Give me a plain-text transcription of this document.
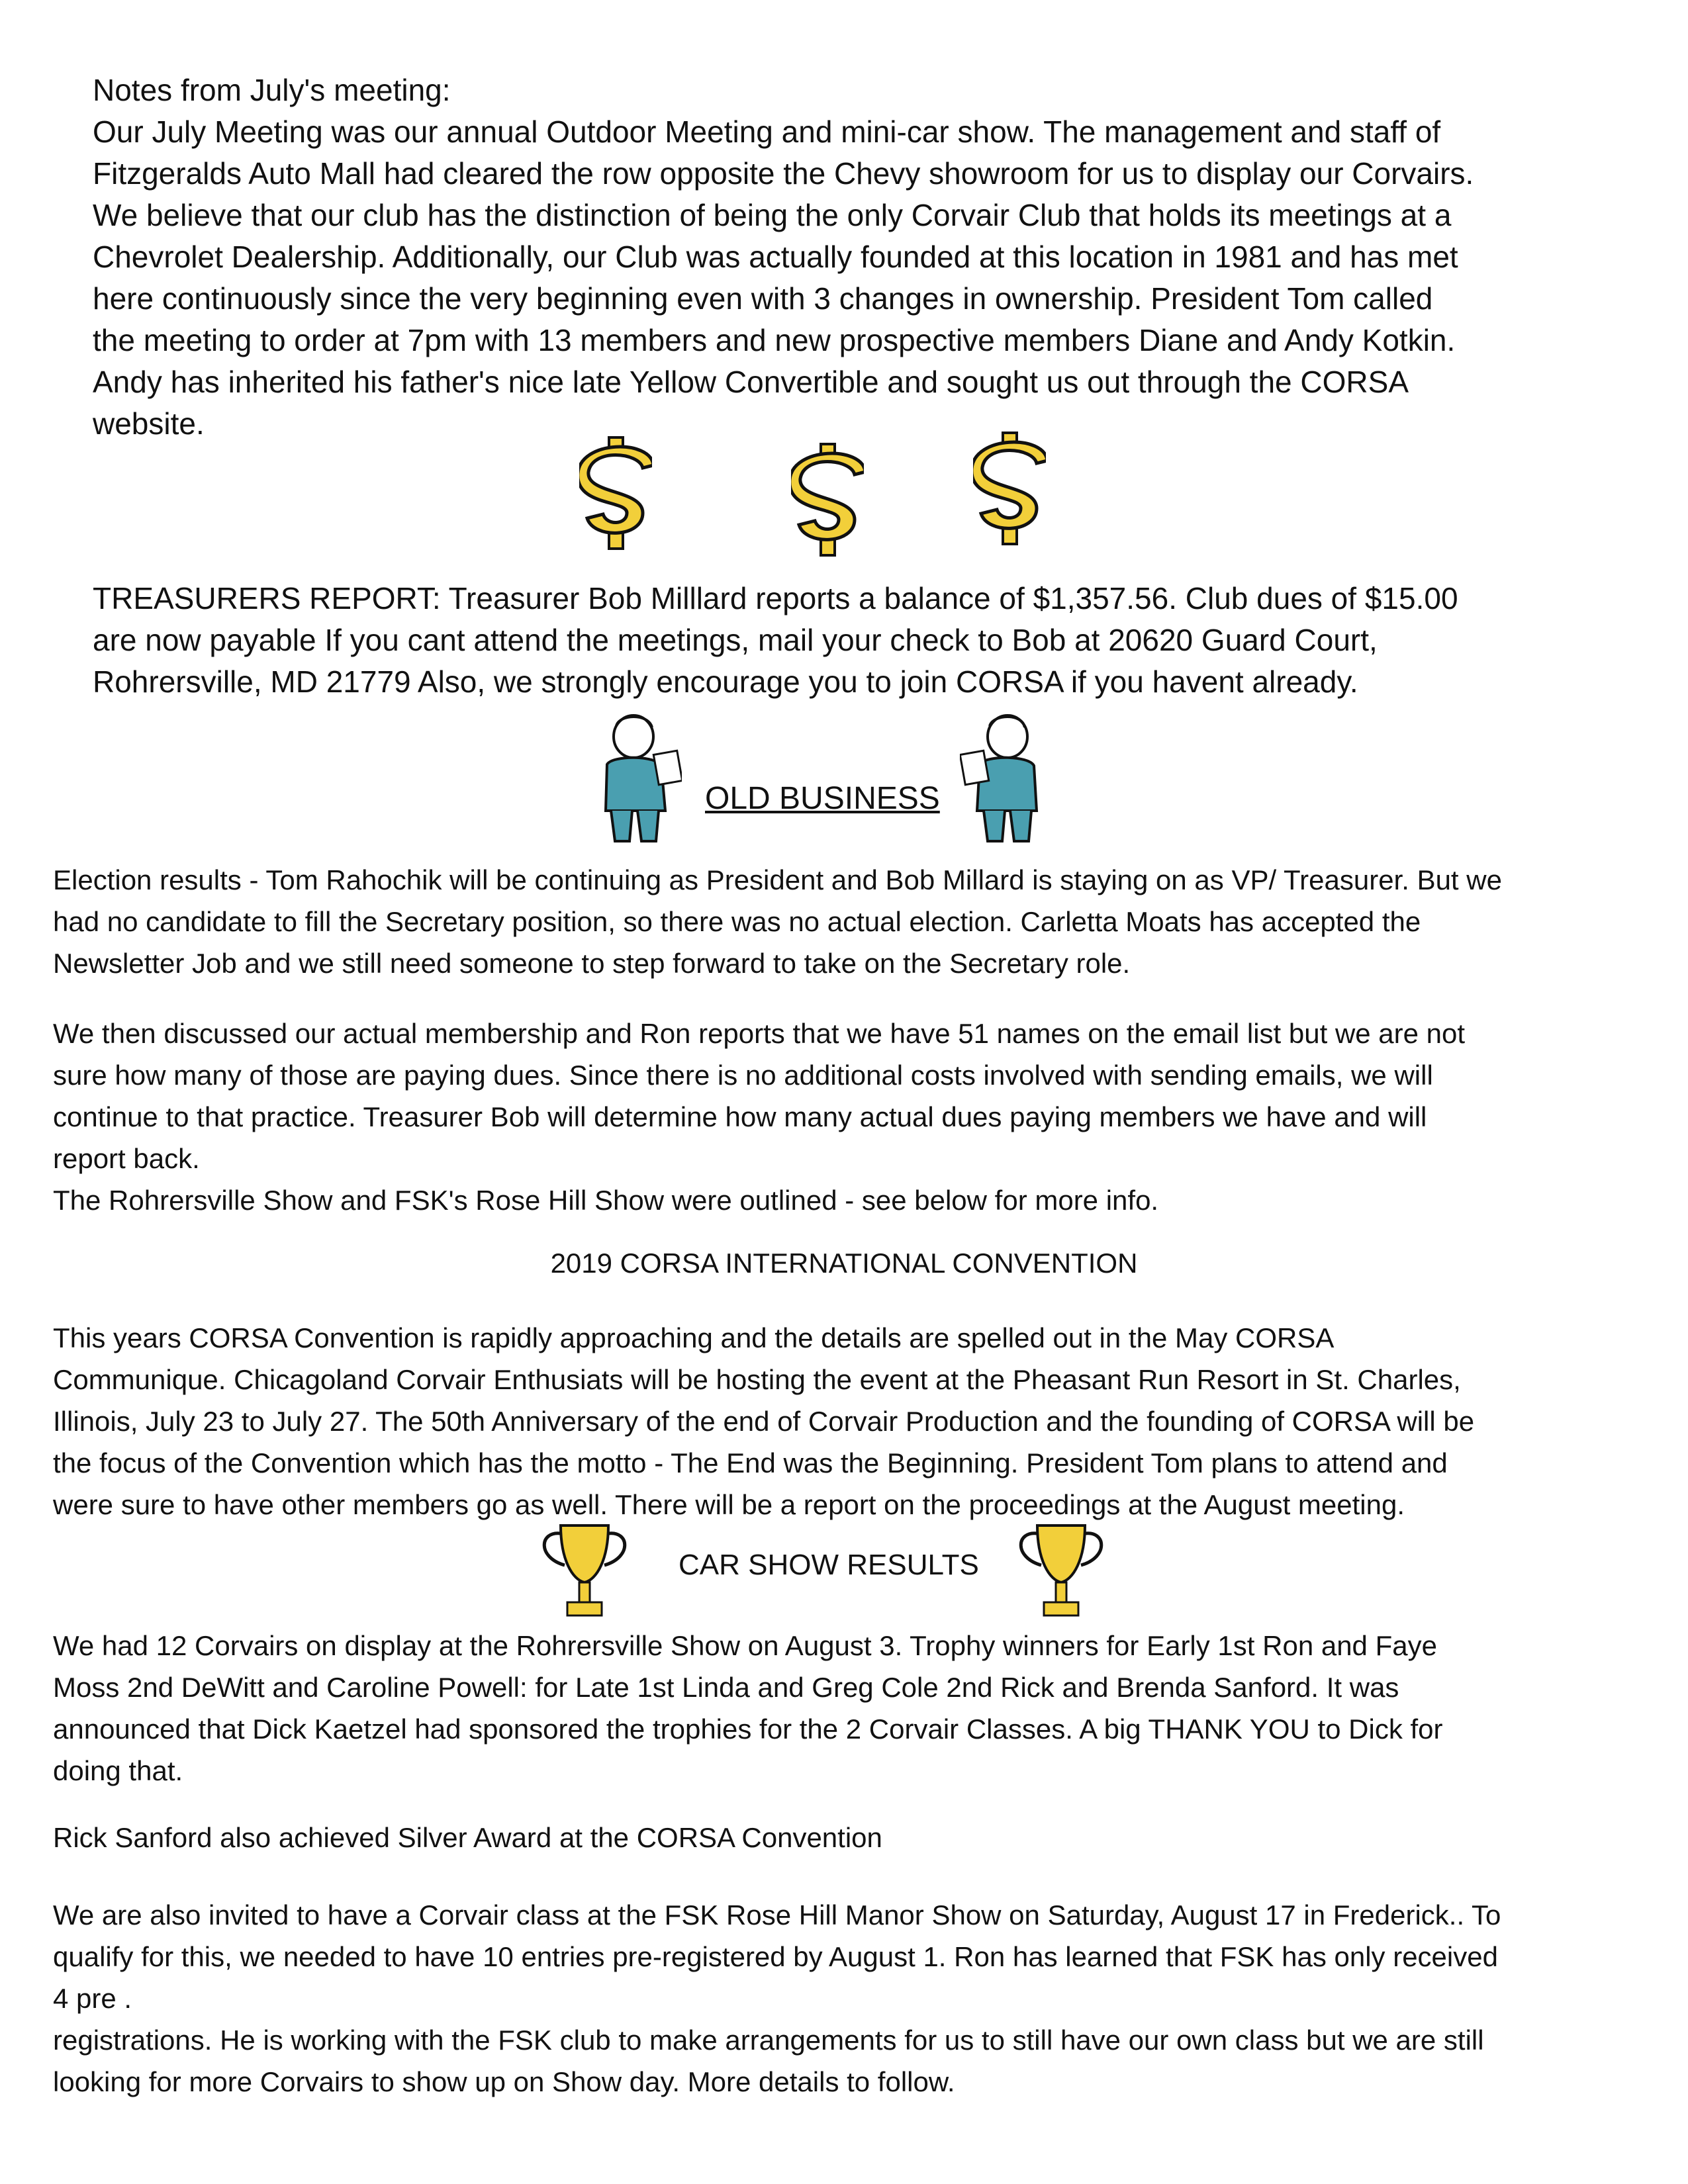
Notes from July's meeting:

Our July Meeting was our annual Outdoor Meeting and mini-car show. The management and staff of
Fitzgeralds Auto Mall had cleared the row opposite the Chevy showroom for us to display our Corvairs.
We believe that our club has the distinction of being the only Corvair Club that holds its meetings at a
Chevrolet Dealership. Additionally, our Club was actually founded at this location in 1981 and has met
here continuously since the very beginning even with 3 changes in ownership. President Tom called
the meeting to order at 7pm with 13 members and new prospective members Diane and Andy Kotkin.
Andy has inherited his father's nice late Yellow Convertible and sought us out through the CORSA
website.

TREASURERS REPORT: Treasurer Bob Milllard reports a balance of $1,357.56. Club dues of $15.00
are now payable If you cant attend the meetings, mail your check to Bob at 20620 Guard Court,
Rohrersville, MD 21779 Also, we strongly encourage you to join CORSA if you havent already.

OLD BUSINESS

Election results - Tom Rahochik will be continuing as President and Bob Millard is staying on as VP/ Treasurer. But we
had no candidate to fill the Secretary position, so there was no actual election. Carletta Moats has accepted the
Newsletter Job and we still need someone to step forward to take on the Secretary role.

We then discussed our actual membership and Ron reports that we have 51 names on the email list but we are not
sure how many of those are paying dues. Since there is no additional costs involved with sending emails, we will
continue to that practice. Treasurer Bob will determine how many actual dues paying members we have and will
report back.
The Rohrersville Show and FSK's Rose Hill Show were outlined - see below for more info.

2019 CORSA INTERNATIONAL CONVENTION

This years CORSA Convention is rapidly approaching and the details are spelled out in the May CORSA
Communique. Chicagoland Corvair Enthusiats will be hosting the event at the Pheasant Run Resort in St. Charles,
Illinois, July 23 to July 27. The 50th Anniversary of the end of Corvair Production and the founding of CORSA will be
the focus of the Convention which has the motto - The End was the Beginning. President Tom plans to attend and
were sure to have other members go as well. There will be a report on the proceedings at the August meeting.

CAR SHOW RESULTS

We had 12 Corvairs on display at the Rohrersville Show on August 3. Trophy winners for Early 1st Ron and Faye
Moss 2nd DeWitt and Caroline Powell: for Late 1st Linda and Greg Cole 2nd Rick and Brenda Sanford. It was
announced that Dick Kaetzel had sponsored the trophies for the 2 Corvair Classes. A big THANK YOU to Dick for
doing that.

Rick Sanford also achieved Silver Award at the CORSA Convention

We are also invited to have a Corvair class at the FSK Rose Hill Manor Show on Saturday, August 17 in Frederick.. To
qualify for this, we needed to have 10 entries pre-registered by August 1. Ron has learned that FSK has only received
4 pre .
registrations. He is working with the FSK club to make arrangements for us to still have our own class but we are still
looking for more Corvairs to show up on Show day. More details to follow.
